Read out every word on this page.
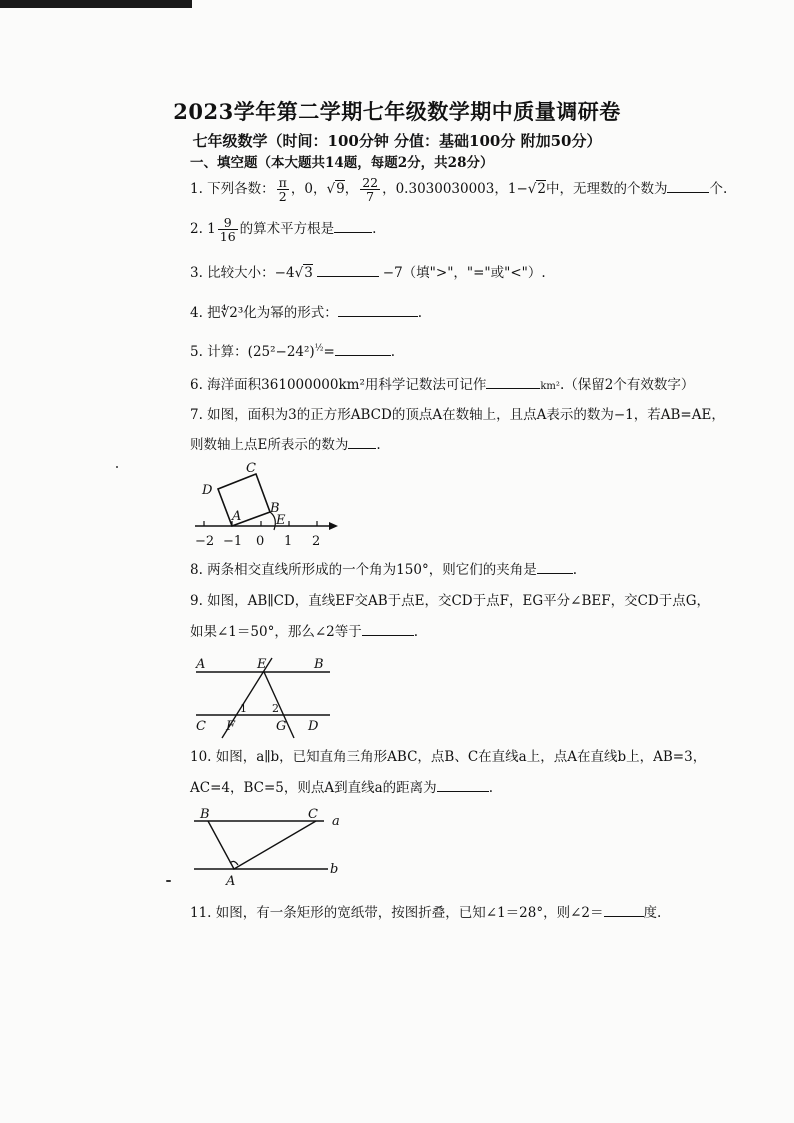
2023学年第二学期七年级数学期中质量调研卷
七年级数学（时间：100分钟 分值：基础100分 附加50分）
一、填空题（本大题共14题，每题2分，共28分）
1. 下列各数： $\frac{\pi}{2}$ ，0，√9， $\frac{22}{7}$ ，0.3030030003，1−√2中，无理数的个数为	个.
2. $1 \frac{9}{16}$ 的算术平方根是	.
3. 比较大小：−4√3	−7（填">"，"="或"<"）.
4. 把∜2³化为幂的形式：	.
5. 计算：$(25^2-24^2)^{\frac{1}{2}}=$	.
6. 海洋面积361000000km²用科学记数法可记作	km².（保留2个有效数字）
7. 如图，面积为3的正方形ABCD的顶点A在数轴上，且点A表示的数为−1，若AB=AE，
则数轴上点E所表示的数为 .
C
D
A
B
E
−2 −1 0 1 2
8. 两条相交直线所形成的一个角为150°，则它们的夹角是	.
9. 如图，AB∥CD，直线EF交AB于点E，交CD于点F，EG平分∠BEF，交CD于点G，
如果∠1＝50°，那么∠2等于	.
A	E	B
C F	G D
1 2
10. 如图，a∥b，已知直角三角形ABC，点B、C在直线a上，点A在直线b上，AB=3，
AC=4，BC=5，则点A到直线a的距离为	.
B	C a
A
b
11. 如图，有一条矩形的宽纸带，按图折叠，已知∠1＝28°，则∠2＝	度.
